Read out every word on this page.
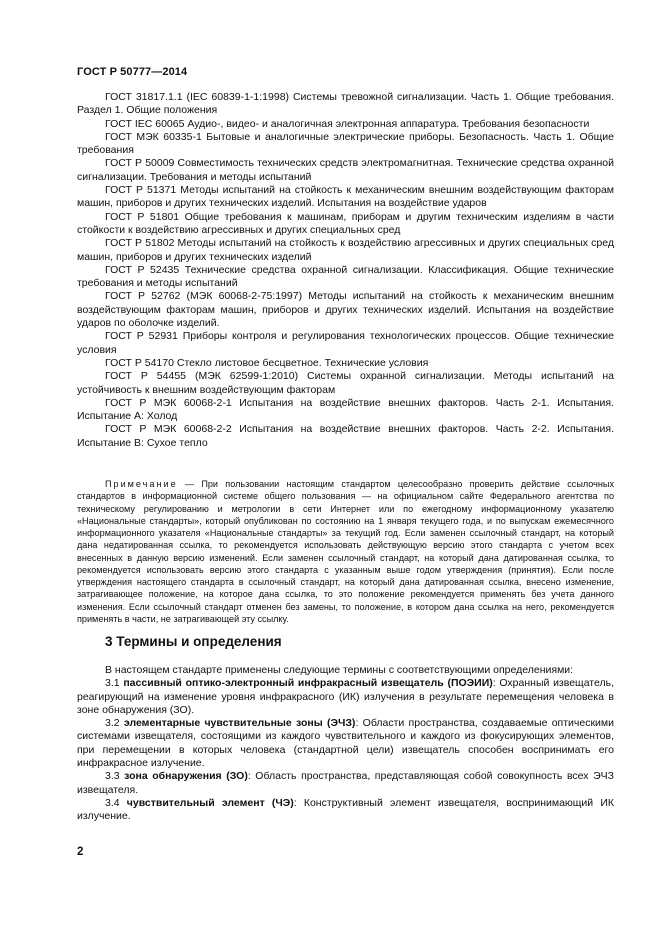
ГОСТ Р 50777—2014

ГОСТ 31817.1.1 (IEC 60839-1-1:1998) Системы тревожной сигнализации. Часть 1. Общие требования. Раздел 1. Общие положения

ГОСТ IEC 60065 Аудио-, видео- и аналогичная электронная аппаратура. Требования безопасности

ГОСТ МЭК 60335-1 Бытовые и аналогичные электрические приборы. Безопасность. Часть 1. Общие требования

ГОСТ Р 50009 Совместимость технических средств электромагнитная. Технические средства охранной сигнализации. Требования и методы испытаний

ГОСТ Р 51371 Методы испытаний на стойкость к механическим внешним воздействующим факторам машин, приборов и других технических изделий. Испытания на воздействие ударов

ГОСТ Р 51801 Общие требования к машинам, приборам и другим техническим изделиям в части стойкости к воздействию агрессивных и других специальных сред

ГОСТ Р 51802 Методы испытаний на стойкость к воздействию агрессивных и других специальных сред машин, приборов и других технических изделий

ГОСТ Р 52435 Технические средства охранной сигнализации. Классификация. Общие технические требования и методы испытаний

ГОСТ Р 52762 (МЭК 60068-2-75:1997) Методы испытаний на стойкость к механическим внешним воздействующим факторам машин, приборов и других технических изделий. Испытания на воздействие ударов по оболочке изделий.

ГОСТ Р 52931 Приборы контроля и регулирования технологических процессов. Общие технические условия

ГОСТ Р 54170 Стекло листовое бесцветное. Технические условия

ГОСТ Р 54455 (МЭК 62599-1:2010) Системы охранной сигнализации. Методы испытаний на устойчивость к внешним воздействующим факторам

ГОСТ Р МЭК 60068-2-1 Испытания на воздействие внешних факторов. Часть 2-1. Испытания. Испытание А: Холод

ГОСТ Р МЭК 60068-2-2 Испытания на воздействие внешних факторов. Часть 2-2. Испытания. Испытание В: Сухое тепло

Примечание — При пользовании настоящим стандартом целесообразно проверить действие ссылочных стандартов в информационной системе общего пользования — на официальном сайте Федерального агентства по техническому регулированию и метрологии в сети Интернет или по ежегодному информационному указателю «Национальные стандарты», который опубликован по состоянию на 1 января текущего года, и по выпускам ежемесячного информационного указателя «Национальные стандарты» за текущий год. Если заменен ссылочный стандарт, на который дана недатированная ссылка, то рекомендуется использовать действующую версию этого стандарта с учетом всех внесенных в данную версию изменений. Если заменен ссылочный стандарт, на который дана датированная ссылка, то рекомендуется использовать версию этого стандарта с указанным выше годом утверждения (принятия). Если после утверждения настоящего стандарта в ссылочный стандарт, на который дана датированная ссылка, внесено изменение, затрагивающее положение, на которое дана ссылка, то это положение рекомендуется применять без учета данного изменения. Если ссылочный стандарт отменен без замены, то положение, в котором дана ссылка на него, рекомендуется применять в части, не затрагивающей эту ссылку.

3 Термины и определения

В настоящем стандарте применены следующие термины с соответствующими определениями:

3.1 пассивный оптико-электронный инфракрасный извещатель (ПОЭИИ): Охранный извещатель, реагирующий на изменение уровня инфракрасного (ИК) излучения в результате перемещения человека в зоне обнаружения (ЗО).

3.2 элементарные чувствительные зоны (ЭЧЗ): Области пространства, создаваемые оптическими системами извещателя, состоящими из каждого чувствительного и каждого из фокусирующих элементов, при перемещении в которых человека (стандартной цели) извещатель способен воспринимать его инфракрасное излучение.

3.3 зона обнаружения (ЗО): Область пространства, представляющая собой совокупность всех ЭЧЗ извещателя.

3.4 чувствительный элемент (ЧЭ): Конструктивный элемент извещателя, воспринимающий ИК излучение.

2
